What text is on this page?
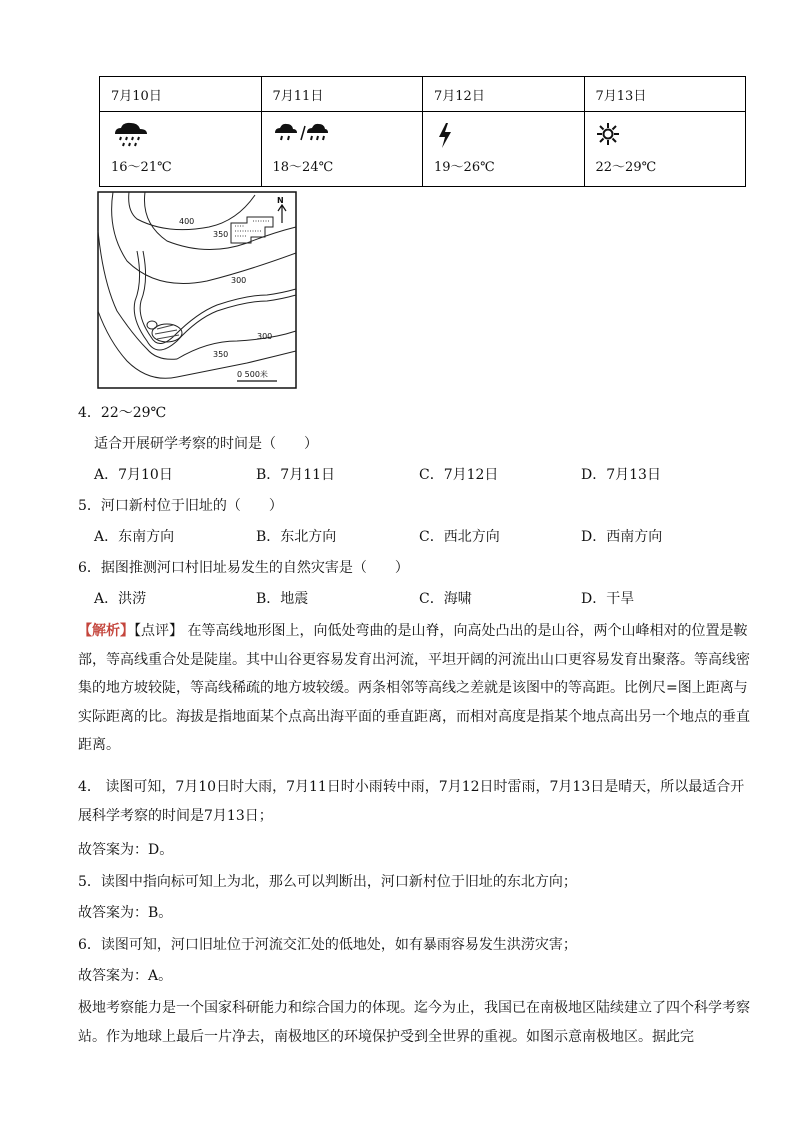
7月10日	7月11日	7月12日	7月13日

16～21℃	18～24℃	19～26℃	22～29℃
N
400
350
300
300
350
0 500米
4．22～29℃
适合开展研学考察的时间是（　　）
A．7月10日	B．7月11日	C．7月12日	D．7月13日
5．河口新村位于旧址的（　　）
A．东南方向	B．东北方向	C．西北方向	D．西南方向
6．据图推测河口村旧址易发生的自然灾害是（　　）
A．洪涝	B．地震	C．海啸	D．干旱
【解析】【点评】 在等高线地形图上，向低处弯曲的是山脊，向高处凸出的是山谷，两个山峰相对的位置是鞍部，等高线重合处是陡崖。其中山谷更容易发育出河流，平坦开阔的河流出山口更容易发育出聚落。等高线密集的地方坡较陡，等高线稀疏的地方坡较缓。两条相邻等高线之差就是该图中的等高距。比例尺=图上距离与实际距离的比。海拔是指地面某个点高出海平面的垂直距离，而相对高度是指某个地点高出另一个地点的垂直距离。
4． 读图可知，7月10日时大雨，7月11日时小雨转中雨，7月12日时雷雨，7月13日是晴天，所以最适合开展科学考察的时间是7月13日；
故答案为：D。
5．读图中指向标可知上为北，那么可以判断出，河口新村位于旧址的东北方向；
故答案为：B。
6．读图可知，河口旧址位于河流交汇处的低地处，如有暴雨容易发生洪涝灾害；
故答案为：A。
极地考察能力是一个国家科研能力和综合国力的体现。迄今为止，我国已在南极地区陆续建立了四个科学考察站。作为地球上最后一片净去，南极地区的环境保护受到全世界的重视。如图示意南极地区。据此完
